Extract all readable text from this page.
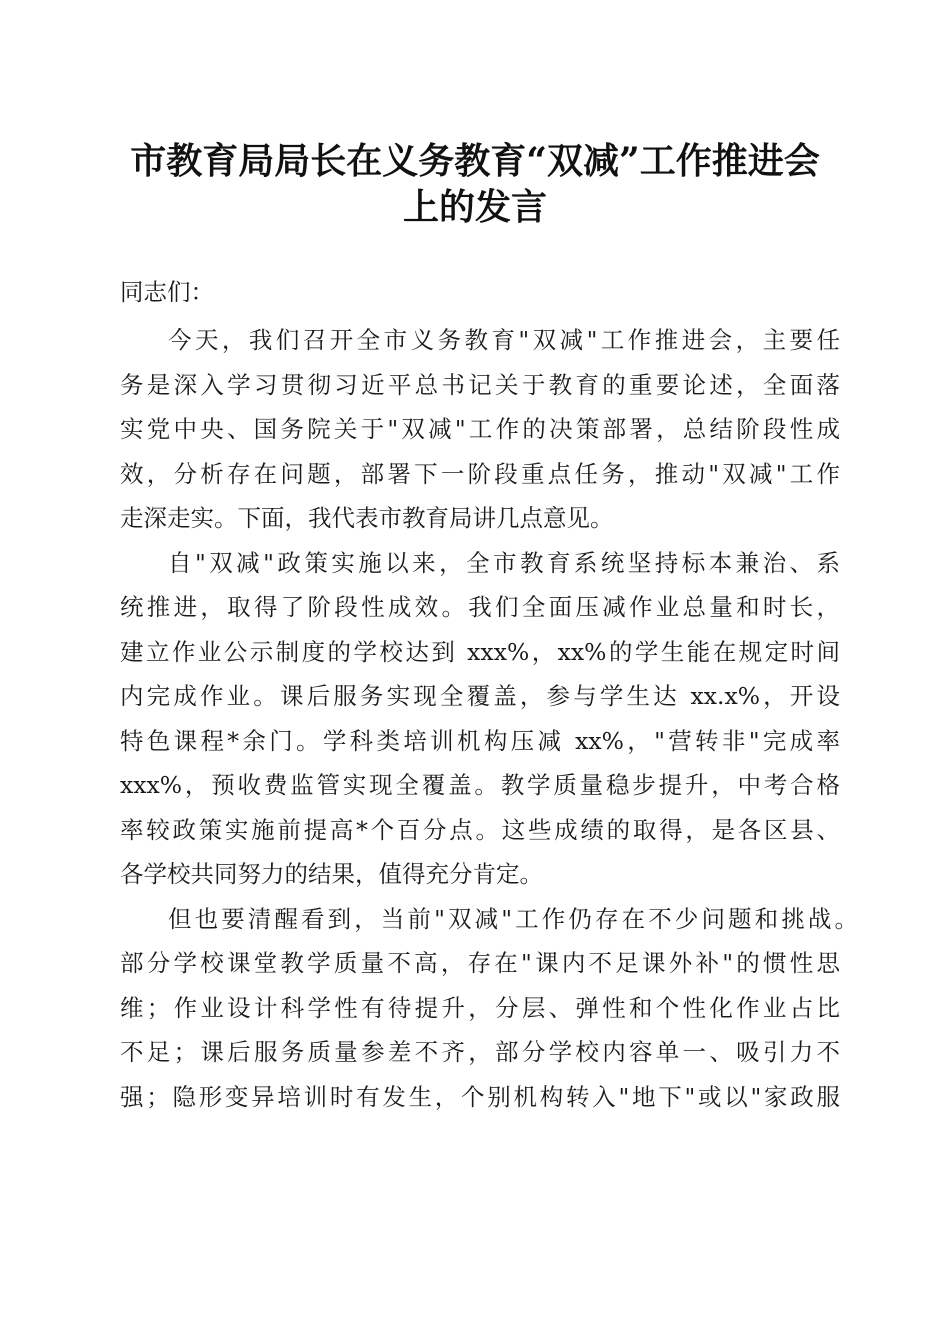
市教育局局长在义务教育“双减”工作推进会
上的发言
同志们：
今天，我们召开全市义务教育"双减"工作推进会，主要任
务是深入学习贯彻习近平总书记关于教育的重要论述，全面落
实党中央、国务院关于"双减"工作的决策部署，总结阶段性成
效，分析存在问题，部署下一阶段重点任务，推动"双减"工作
走深走实。下面，我代表市教育局讲几点意见。
自"双减"政策实施以来，全市教育系统坚持标本兼治、系
统推进，取得了阶段性成效。我们全面压减作业总量和时长，
建立作业公示制度的学校达到 xxx%，xx%的学生能在规定时间
内完成作业。课后服务实现全覆盖，参与学生达 xx.x%，开设
特色课程*余门。学科类培训机构压减 xx%，"营转非"完成率
xxx%，预收费监管实现全覆盖。教学质量稳步提升，中考合格
率较政策实施前提高*个百分点。这些成绩的取得，是各区县、
各学校共同努力的结果，值得充分肯定。
但也要清醒看到，当前"双减"工作仍存在不少问题和挑战。
部分学校课堂教学质量不高，存在"课内不足课外补"的惯性思
维；作业设计科学性有待提升，分层、弹性和个性化作业占比
不足；课后服务质量参差不齐，部分学校内容单一、吸引力不
强；隐形变异培训时有发生，个别机构转入"地下"或以"家政服
